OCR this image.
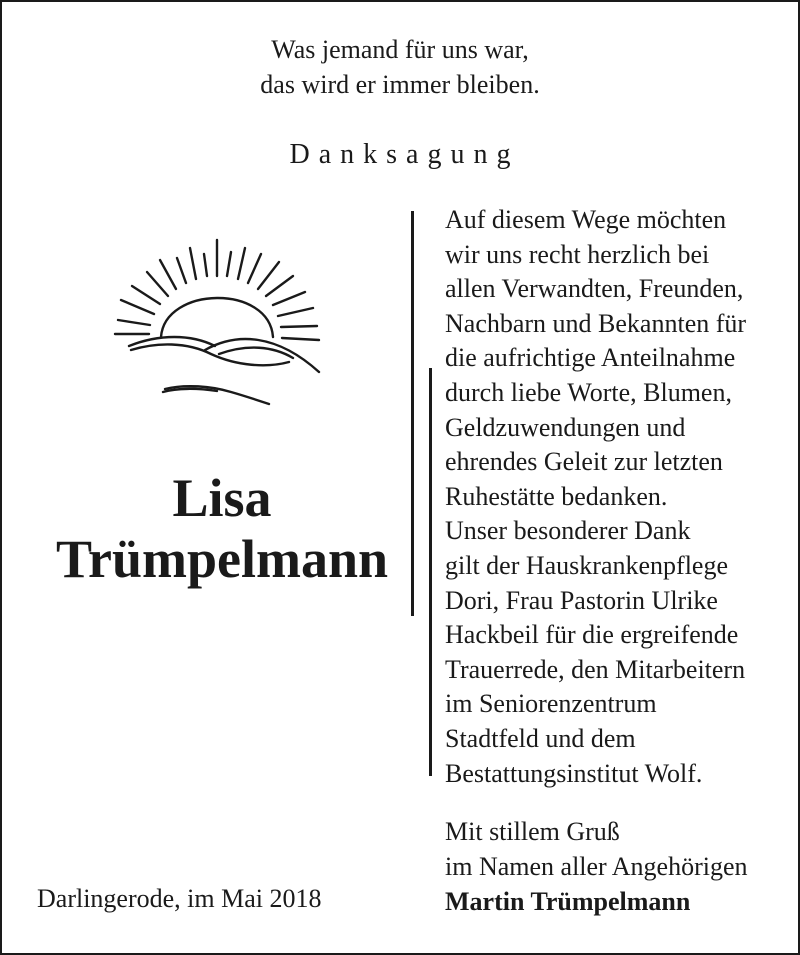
Was jemand für uns war,
das wird er immer bleiben.
Danksagung
Lisa
Trümpelmann
Auf diesem Wege möchten
wir uns recht herzlich bei
allen Verwandten, Freunden,
Nachbarn und Bekannten für
die aufrichtige Anteilnahme
durch liebe Worte, Blumen,
Geldzuwendungen und
ehrendes Geleit zur letzten
Ruhestätte bedanken.
Unser besonderer Dank
gilt der Hauskrankenpflege
Dori, Frau Pastorin Ulrike
Hackbeil für die ergreifende
Trauerrede, den Mitarbeitern
im Seniorenzentrum
Stadtfeld und dem
Bestattungsinstitut Wolf.
Mit stillem Gruß
im Namen aller Angehörigen
Martin Trümpelmann
Darlingerode, im Mai 2018
